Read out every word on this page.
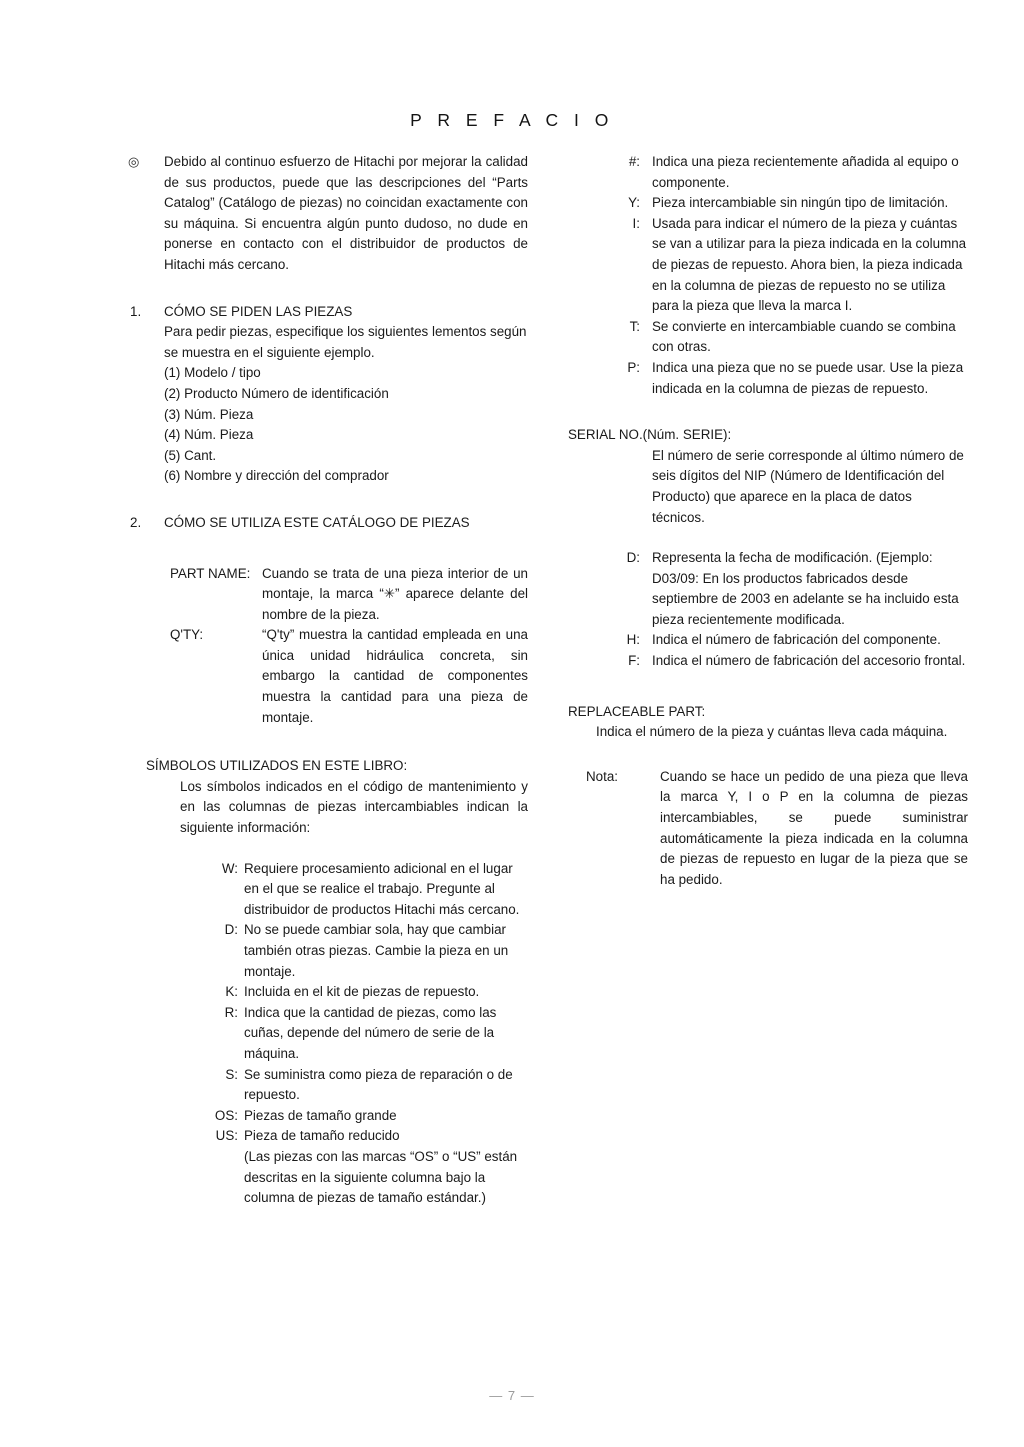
P R E F A C I O
◎ Debido al continuo esfuerzo de Hitachi por mejorar la calidad de sus productos, puede que las descripciones del “Parts Catalog” (Catálogo de piezas) no coincidan exactamente con su máquina. Si encuentra algún punto dudoso, no dude en ponerse en contacto con el distribuidor de productos de Hitachi más cercano.

1. CÓMO SE PIDEN LAS PIEZAS

Para pedir piezas, especifique los siguientes lementos según se muestra en el siguiente ejemplo.

(1) Modelo / tipo
(2) Producto Número de identificación
(3) Núm. Pieza
(4) Núm. Pieza
(5) Cant.
(6) Nombre y dirección del comprador
2. CÓMO SE UTILIZA ESTE CATÁLOGO DE PIEZAS
PART NAME: Cuando se trata de una pieza interior de un montaje, la marca “✳” aparece delante del nombre de la pieza.
Q'TY:	“Q'ty” muestra la cantidad empleada en una única unidad hidráulica concreta, sin embargo la cantidad de componentes muestra la cantidad para una pieza de montaje.
SÍMBOLOS UTILIZADOS EN ESTE LIBRO:

Los símbolos indicados en el código de mantenimiento y en las columnas de piezas intercambiables indican la siguiente información:

W: Requiere procesamiento adicional en el lugar en el que se realice el trabajo. Pregunte al distribuidor de productos Hitachi más cercano.
D: No se puede cambiar sola, hay que cambiar también otras piezas. Cambie la pieza en un montaje.
K: Incluida en el kit de piezas de repuesto.
R: Indica que la cantidad de piezas, como las cuñas, depende del número de serie de la máquina.
S: Se suministra como pieza de reparación o de repuesto.
OS: Piezas de tamaño grande
US: Pieza de tamaño reducido
(Las piezas con las marcas “OS” o “US” están descritas en la siguiente columna bajo la columna de piezas de tamaño estándar.)
#: Indica una pieza recientemente añadida al equipo o componente.
Y: Pieza intercambiable sin ningún tipo de limitación.
I: Usada para indicar el número de la pieza y cuántas se van a utilizar para la pieza indicada en la columna de piezas de repuesto. Ahora bien, la pieza indicada en la columna de piezas de repuesto no se utiliza para la pieza que lleva la marca I.
T: Se convierte en intercambiable cuando se combina con otras.
P: Indica una pieza que no se puede usar. Use la pieza indicada en la columna de piezas de repuesto.
SERIAL NO.(Núm. SERIE):
El número de serie corresponde al último número de seis dígitos del NIP (Número de Identificación del Producto) que aparece en la placa de datos técnicos.
D: Representa la fecha de modificación. (Ejemplo: D03/09: En los productos fabricados desde septiembre de 2003 en adelante se ha incluido esta pieza recientemente modificada.
H: Indica el número de fabricación del componente.
F: Indica el número de fabricación del accesorio frontal.
REPLACEABLE PART:
Indica el número de la pieza y cuántas lleva cada máquina.
Nota:	Cuando se hace un pedido de una pieza que lleva la marca Y, I o P en la columna de piezas intercambiables, se puede suministrar automáticamente la pieza indicada en la columna de piezas de repuesto en lugar de la pieza que se ha pedido.
— 7 —
